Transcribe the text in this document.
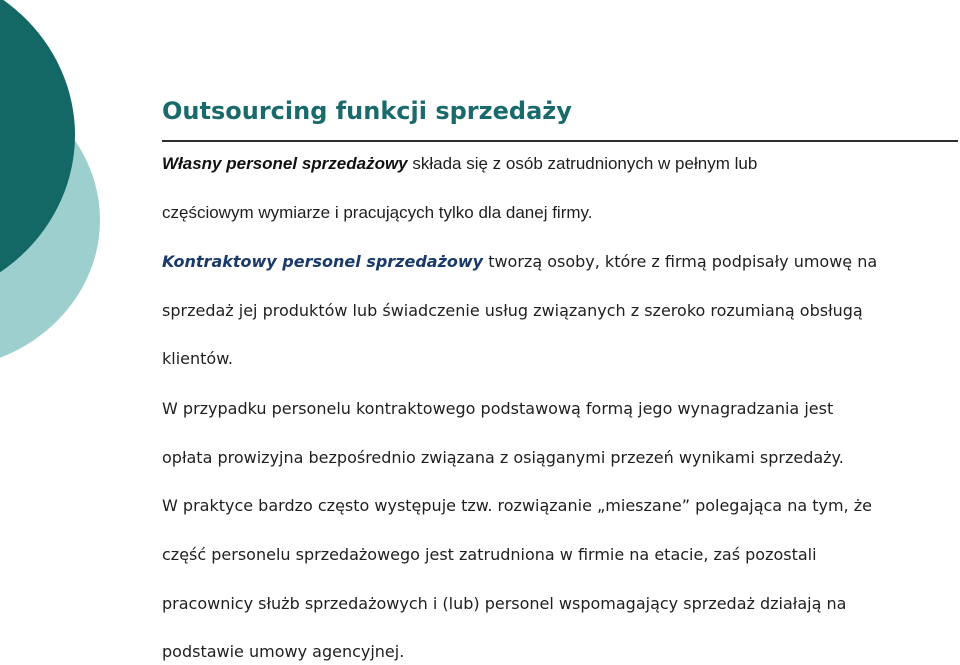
Outsourcing funkcji sprzedaży

Własny personel sprzedażowy składa się z osób zatrudnionych w pełnym lub

częściowym wymiarze i pracujących tylko dla danej firmy.

Kontraktowy personel sprzedażowy tworzą osoby, które z firmą podpisały umowę na

sprzedaż jej produktów lub świadczenie usług związanych z szeroko rozumianą obsługą

klientów.

W przypadku personelu kontraktowego podstawową formą jego wynagradzania jest

opłata prowizyjna bezpośrednio związana z osiąganymi przezeń wynikami sprzedaży.

W praktyce bardzo często występuje tzw. rozwiązanie „mieszane” polegająca na tym, że

część personelu sprzedażowego jest zatrudniona w firmie na etacie, zaś pozostali

pracownicy służb sprzedażowych i (lub) personel wspomagający sprzedaż działają na

podstawie umowy agencyjnej.
